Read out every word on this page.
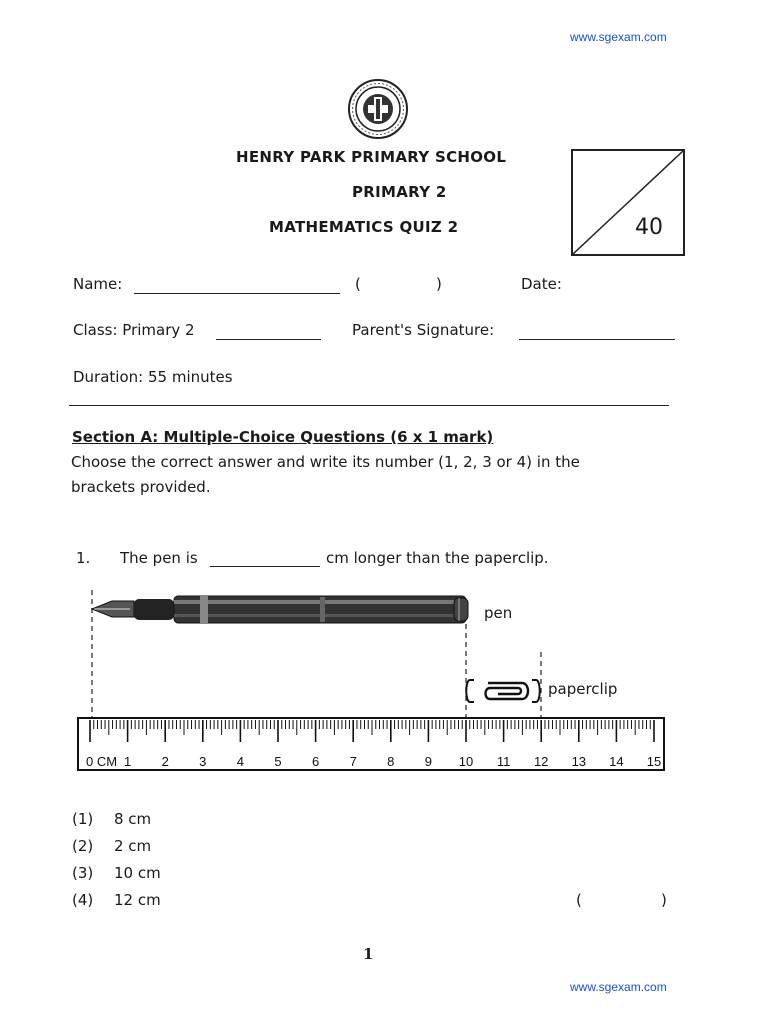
www.sgexam.com
HENRY PARK PRIMARY SCHOOL
PRIMARY 2
MATHEMATICS QUIZ 2	40
Name:	(	)	Date:
Class: Primary 2	Parent's Signature:
Duration: 55 minutes
Section A: Multiple-Choice Questions (6 x 1 mark)
Choose the correct answer and write its number (1, 2, 3 or 4) in the
brackets provided.
1. The pen is	cm longer than the paperclip.
pen
paperclip
0 CM 1 2 3 4 5 6 7 8 9 10 11 12 13 14 15
(1) 8 cm
(2) 2 cm
(3) 10 cm
(4) 12 cm	(	)
1
www.sgexam.com
